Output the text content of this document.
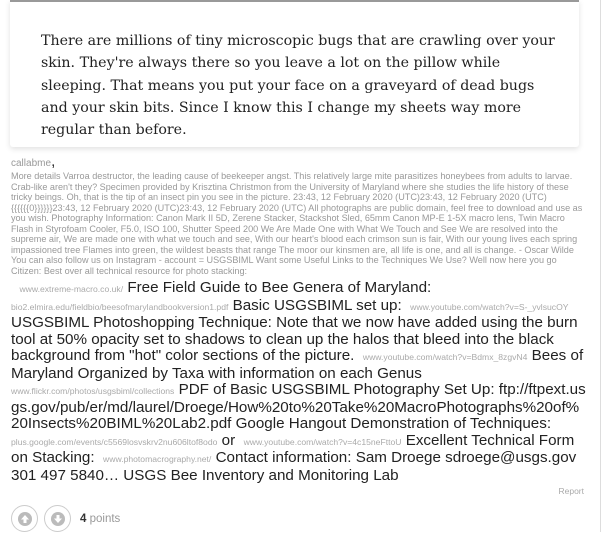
There are millions of tiny microscopic bugs that are crawling over your skin. They're always there so you leave a lot on the pillow while sleeping. That means you put your face on a graveyard of dead bugs and your skin bits. Since I know this I change my sheets way more regular than before.

callabme,
More details Varroa destructor, the leading cause of beekeeper angst. This relatively large mite parasitizes honeybees from adults to larvae. Crab-like aren't they? Specimen provided by Krisztina Christmon from the University of Maryland where she studies the life history of these tricky beings. Oh, that is the tip of an insect pin you see in the picture. 23:43, 12 February 2020 (UTC)23:43, 12 February 2020 (UTC){{{{{{0}}}}}}23:43, 12 February 2020 (UTC)23:43, 12 February 2020 (UTC) All photographs are public domain, feel free to download and use as you wish. Photography Information: Canon Mark II 5D, Zerene Stacker, Stackshot Sled, 65mm Canon MP-E 1-5X macro lens, Twin Macro Flash in Styrofoam Cooler, F5.0, ISO 100, Shutter Speed 200 We Are Made One with What We Touch and See We are resolved into the supreme air, We are made one with what we touch and see, With our heart's blood each crimson sun is fair, With our young lives each spring impassioned tree Flames into green, the wildest beasts that range The moor our kinsmen are, all life is one, and all is change. - Oscar Wilde You can also follow us on Instagram - account = USGSBIML Want some Useful Links to the Techniques We Use? Well now here you go Citizen: Best over all technical resource for photo stacking:
www.extreme-macro.co.uk/ Free Field Guide to Bee Genera of Maryland:  bio2.elmira.edu/fieldbio/beesofmarylandbookversion1.pdf Basic USGSBIML set up: www.youtube.com/watch?v=S-_yvlsucOY USGSBIML Photoshopping Technique: Note that we now have added using the burn tool at 50% opacity set to shadows to clean up the halos that bleed into the black background from "hot" color sections of the picture. www.youtube.com/watch?v=Bdmx_8zgvN4 Bees of Maryland Organized by Taxa with information on each Genus www.flickr.com/photos/usgsbiml/collections PDF of Basic USGSBIML Photography Set Up: ftp://ftpext.usgs.gov/pub/er/md/laurel/Droege/How%20to%20Take%20MacroPhotographs%20of%20Insects%20BIML%20Lab2.pdf Google Hangout Demonstration of Techniques:  plus.google.com/events/c5569losvskrv2nu606ltof8odo or www.youtube.com/watch?v=4c15neFttoU Excellent Technical Form on Stacking: www.photomacrography.net/ Contact information: Sam Droege sdroege@usgs.gov 301 497 5840… USGS Bee Inventory and Monitoring Lab
Report
4 points
